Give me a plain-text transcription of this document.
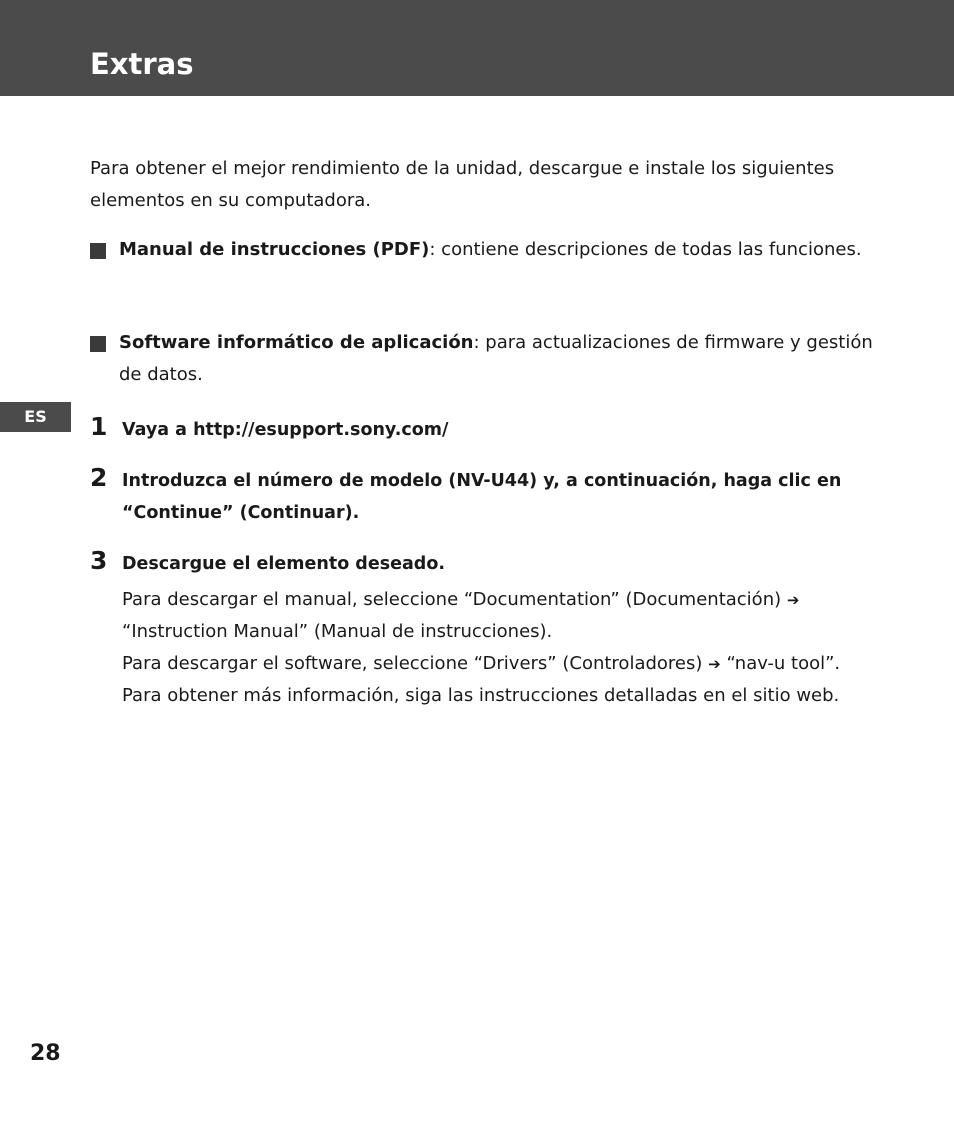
Extras
ES
Para obtener el mejor rendimiento de la unidad, descargue e instale los siguientes elementos en su computadora.
Manual de instrucciones (PDF): contiene descripciones de todas las funciones.
Software informático de aplicación: para actualizaciones de firmware y gestión de datos.
1 Vaya a http://esupport.sony.com/
2 Introduzca el número de modelo (NV-U44) y, a continuación, haga clic en “Continue” (Continuar).
3 Descargue el elemento deseado.
Para descargar el manual, seleccione “Documentation” (Documentación) ➔
“Instruction Manual” (Manual de instrucciones).
Para descargar el software, seleccione “Drivers” (Controladores) ➔ “nav-u tool”.
Para obtener más información, siga las instrucciones detalladas en el sitio web.
28
